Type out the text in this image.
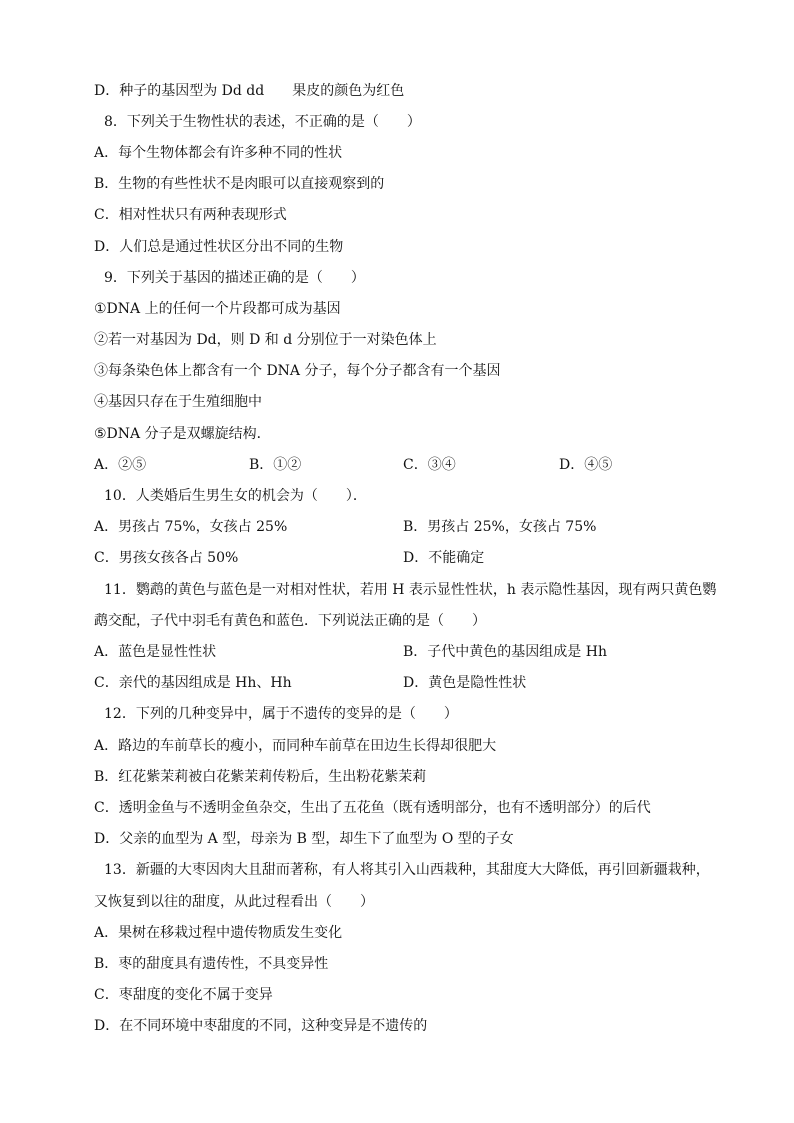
D．种子的基因型为 Dd dd　　果皮的颜色为红色
8．下列关于生物性状的表述，不正确的是（　　）
A．每个生物体都会有许多种不同的性状
B．生物的有些性状不是肉眼可以直接观察到的
C．相对性状只有两种表现形式
D．人们总是通过性状区分出不同的生物
9．下列关于基因的描述正确的是（　　）
①DNA 上的任何一个片段都可成为基因
②若一对基因为 Dd，则 D 和 d 分别位于一对染色体上
③每条染色体上都含有一个 DNA 分子，每个分子都含有一个基因
④基因只存在于生殖细胞中
⑤DNA 分子是双螺旋结构．
A．②⑤	B．①②	C．③④	D．④⑤
10．人类婚后生男生女的机会为（　　）．
A．男孩占 75%，女孩占 25%	B．男孩占 25%，女孩占 75%
C．男孩女孩各占 50%	D．不能确定
11．鹦鹉的黄色与蓝色是一对相对性状，若用 H 表示显性性状，h 表示隐性基因，现有两只黄色鹦
鹉交配，子代中羽毛有黄色和蓝色．下列说法正确的是（　　）
A．蓝色是显性性状	B．子代中黄色的基因组成是 Hh
C．亲代的基因组成是 Hh、Hh	D．黄色是隐性性状
12．下列的几种变异中，属于不遗传的变异的是（　　）
A．路边的车前草长的瘦小，而同种车前草在田边生长得却很肥大
B．红花紫茉莉被白花紫茉莉传粉后，生出粉花紫茉莉
C．透明金鱼与不透明金鱼杂交，生出了五花鱼（既有透明部分，也有不透明部分）的后代
D．父亲的血型为 A 型，母亲为 B 型，却生下了血型为 O 型的子女
13．新疆的大枣因肉大且甜而著称，有人将其引入山西栽种，其甜度大大降低，再引回新疆栽种，
又恢复到以往的甜度，从此过程看出（　　）
A．果树在移栽过程中遗传物质发生变化
B．枣的甜度具有遗传性，不具变异性
C．枣甜度的变化不属于变异
D．在不同环境中枣甜度的不同，这种变异是不遗传的
